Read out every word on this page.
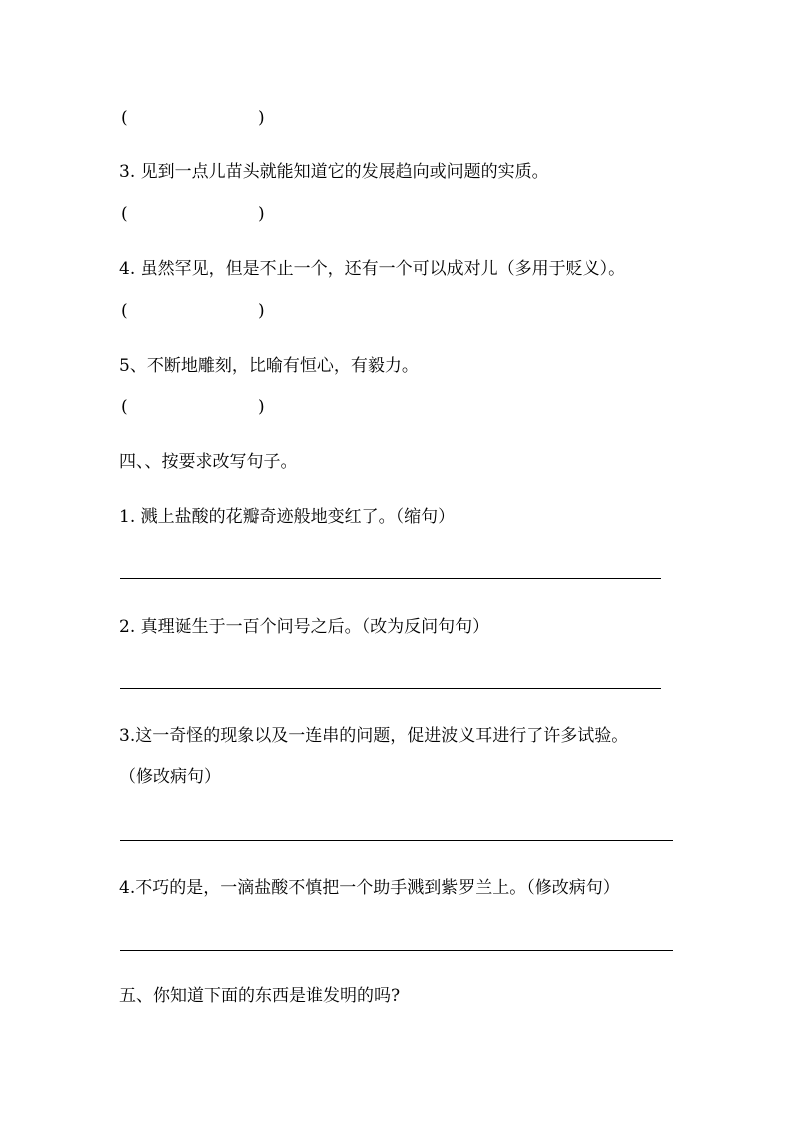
(	)

3. 见到一点儿苗头就能知道它的发展趋向或问题的实质。

(	)

4. 虽然罕见，但是不止一个，还有一个可以成对儿（多用于贬义）。

(	)

5、不断地雕刻，比喻有恒心，有毅力。

(	)

四、、按要求改写句子。

1. 溅上盐酸的花瓣奇迹般地变红了。（缩句）

2. 真理诞生于一百个问号之后。（改为反问句句）

3.这一奇怪的现象以及一连串的问题，促进波义耳进行了许多试验。

（修改病句）

4.不巧的是，一滴盐酸不慎把一个助手溅到紫罗兰上。（修改病句）

五、你知道下面的东西是谁发明的吗?
